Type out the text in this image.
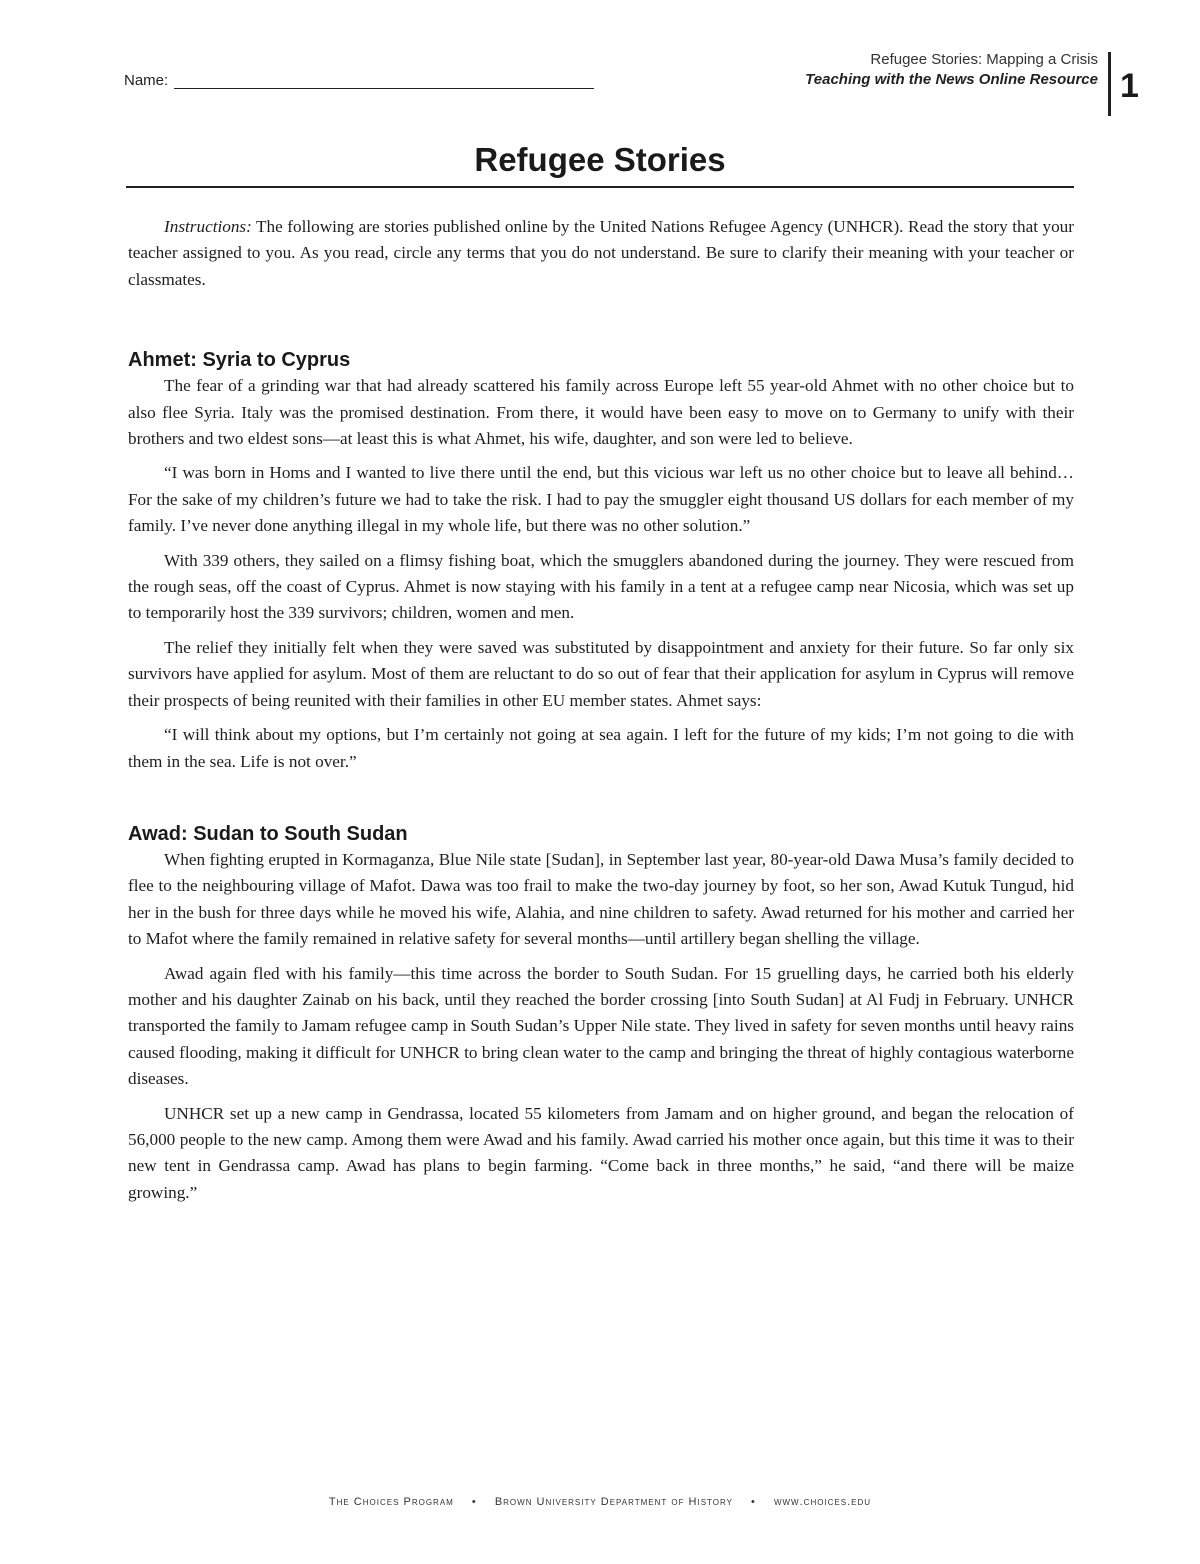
Name:
Refugee Stories: Mapping a Crisis
Teaching with the News Online Resource 1
Refugee Stories

Instructions: The following are stories published online by the United Nations Refugee Agency (UNHCR). Read the story that your teacher assigned to you. As you read, circle any terms that you do not understand. Be sure to clarify their meaning with your teacher or classmates.

Ahmet: Syria to Cyprus

The fear of a grinding war that had already scattered his family across Europe left 55 year-old Ahmet with no other choice but to also flee Syria. Italy was the promised destination. From there, it would have been easy to move on to Germany to unify with their brothers and two eldest sons—at least this is what Ahmet, his wife, daughter, and son were led to believe.

“I was born in Homs and I wanted to live there until the end, but this vicious war left us no other choice but to leave all behind… For the sake of my children’s future we had to take the risk. I had to pay the smuggler eight thousand US dollars for each member of my family. I’ve never done anything illegal in my whole life, but there was no other solution.”

With 339 others, they sailed on a flimsy fishing boat, which the smugglers abandoned during the journey. They were rescued from the rough seas, off the coast of Cyprus. Ahmet is now staying with his family in a tent at a refugee camp near Nicosia, which was set up to temporarily host the 339 survivors; children, women and men.

The relief they initially felt when they were saved was substituted by disappointment and anxiety for their future. So far only six survivors have applied for asylum. Most of them are reluctant to do so out of fear that their application for asylum in Cyprus will remove their prospects of being reunited with their families in other EU member states. Ahmet says:

“I will think about my options, but I’m certainly not going at sea again. I left for the future of my kids; I’m not going to die with them in the sea. Life is not over.”

Awad: Sudan to South Sudan

When fighting erupted in Kormaganza, Blue Nile state [Sudan], in September last year, 80-year-old Dawa Musa’s family decided to flee to the neighbouring village of Mafot. Dawa was too frail to make the two-day journey by foot, so her son, Awad Kutuk Tungud, hid her in the bush for three days while he moved his wife, Alahia, and nine children to safety. Awad returned for his mother and carried her to Mafot where the family remained in relative safety for several months—until artillery began shelling the village.

Awad again fled with his family—this time across the border to South Sudan. For 15 gruelling days, he carried both his elderly mother and his daughter Zainab on his back, until they reached the border crossing [into South Sudan] at Al Fudj in February. UNHCR transported the family to Jamam refugee camp in South Sudan’s Upper Nile state. They lived in safety for seven months until heavy rains caused flooding, making it difficult for UNHCR to bring clean water to the camp and bringing the threat of highly contagious waterborne diseases.

UNHCR set up a new camp in Gendrassa, located 55 kilometers from Jamam and on higher ground, and began the relocation of 56,000 people to the new camp. Among them were Awad and his family. Awad carried his mother once again, but this time it was to their new tent in Gendrassa camp. Awad has plans to begin farming. “Come back in three months,” he said, “and there will be maize growing.”

The Choices Program • Brown University Department of History • www.choices.edu
